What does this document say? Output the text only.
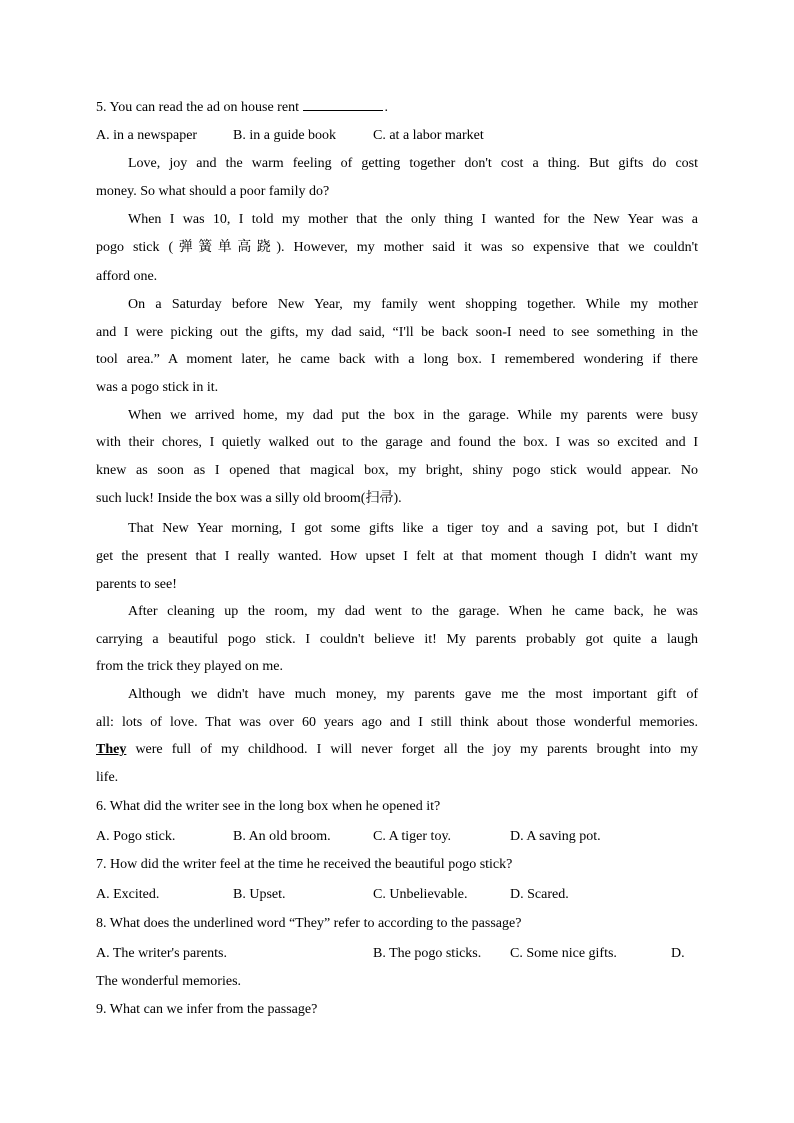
5. You can read the ad on house rent	.
A. in a newspaper	B. in a guide book	C. at a labor market
Love, joy and the warm feeling of getting together don't cost a thing. But gifts do cost
money. So what should a poor family do?
When I was 10, I told my mother that the only thing I wanted for the New Year was a
pogo stick (弹簧单高跷). However, my mother said it was so expensive that we couldn't
afford one.
On a Saturday before New Year, my family went shopping together. While my mother
and I were picking out the gifts, my dad said, “I'll be back soon-I need to see something in the
tool area.” A moment later, he came back with a long box. I remembered wondering if there
was a pogo stick in it.
When we arrived home, my dad put the box in the garage. While my parents were busy
with their chores, I quietly walked out to the garage and found the box. I was so excited and I
knew as soon as I opened that magical box, my bright, shiny pogo stick would appear. No
such luck! Inside the box was a silly old broom(扫帚).
That New Year morning, I got some gifts like a tiger toy and a saving pot, but I didn't
get the present that I really wanted. How upset I felt at that moment though I didn't want my
parents to see!
After cleaning up the room, my dad went to the garage. When he came back, he was
carrying a beautiful pogo stick. I couldn't believe it! My parents probably got quite a laugh
from the trick they played on me.
Although we didn't have much money, my parents gave me the most important gift of
all: lots of love. That was over 60 years ago and I still think about those wonderful memories.
They were full of my childhood. I will never forget all the joy my parents brought into my
life.
6. What did the writer see in the long box when he opened it?
A. Pogo stick.	B. An old broom.	C. A tiger toy.	D. A saving pot.
7. How did the writer feel at the time he received the beautiful pogo stick?
A. Excited.	B. Upset.	C. Unbelievable.	D. Scared.
8. What does the underlined word “They” refer to according to the passage?
A. The writer's parents.	B. The pogo sticks. C. Some nice gifts.	D.
The wonderful memories.
9. What can we infer from the passage?
